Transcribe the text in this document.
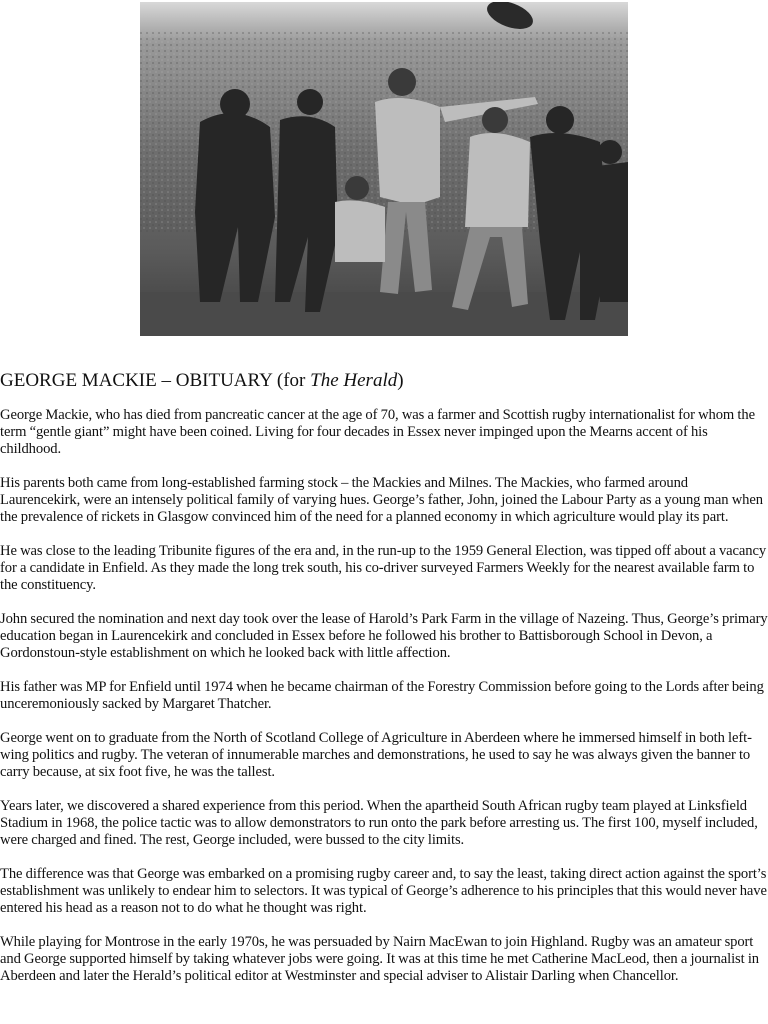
GEORGE MACKIE – OBITUARY (for The Herald)

George Mackie, who has died from pancreatic cancer at the age of 70, was a farmer and Scottish rugby internationalist for whom the term “gentle giant” might have been coined. Living for four decades in Essex never impinged upon the Mearns accent of his childhood.

His parents both came from long-established farming stock – the Mackies and Milnes. The Mackies, who farmed around Laurencekirk, were an intensely political family of varying hues. George’s father, John, joined the Labour Party as a young man when the prevalence of rickets in Glasgow convinced him of the need for a planned economy in which agriculture would play its part.

He was close to the leading Tribunite figures of the era and, in the run-up to the 1959 General Election, was tipped off about a vacancy for a candidate in Enfield. As they made the long trek south, his co-driver surveyed Farmers Weekly for the nearest available farm to the constituency.

John secured the nomination and next day took over the lease of Harold’s Park Farm in the village of Nazeing. Thus, George’s primary education began in Laurencekirk and concluded in Essex before he followed his brother to Battisborough School in Devon, a Gordonstoun-style establishment on which he looked back with little affection.

His father was MP for Enfield until 1974 when he became chairman of the Forestry Commission before going to the Lords after being unceremoniously sacked by Margaret Thatcher.

George went on to graduate from the North of Scotland College of Agriculture in Aberdeen where he immersed himself in both left-wing politics and rugby. The veteran of innumerable marches and demonstrations, he used to say he was always given the banner to carry because, at six foot five, he was the tallest.

Years later, we discovered a shared experience from this period. When the apartheid South African rugby team played at Linksfield Stadium in 1968, the police tactic was to allow demonstrators to run onto the park before arresting us. The first 100, myself included, were charged and fined. The rest, George included, were bussed to the city limits.

The difference was that George was embarked on a promising rugby career and, to say the least, taking direct action against the sport’s establishment was unlikely to endear him to selectors. It was typical of George’s adherence to his principles that this would never have entered his head as a reason not to do what he thought was right.

While playing for Montrose in the early 1970s, he was persuaded by Nairn MacEwan to join Highland. Rugby was an amateur sport and George supported himself by taking whatever jobs were going. It was at this time he met Catherine MacLeod, then a journalist in Aberdeen and later the Herald’s political editor at Westminster and special adviser to Alistair Darling when Chancellor.
